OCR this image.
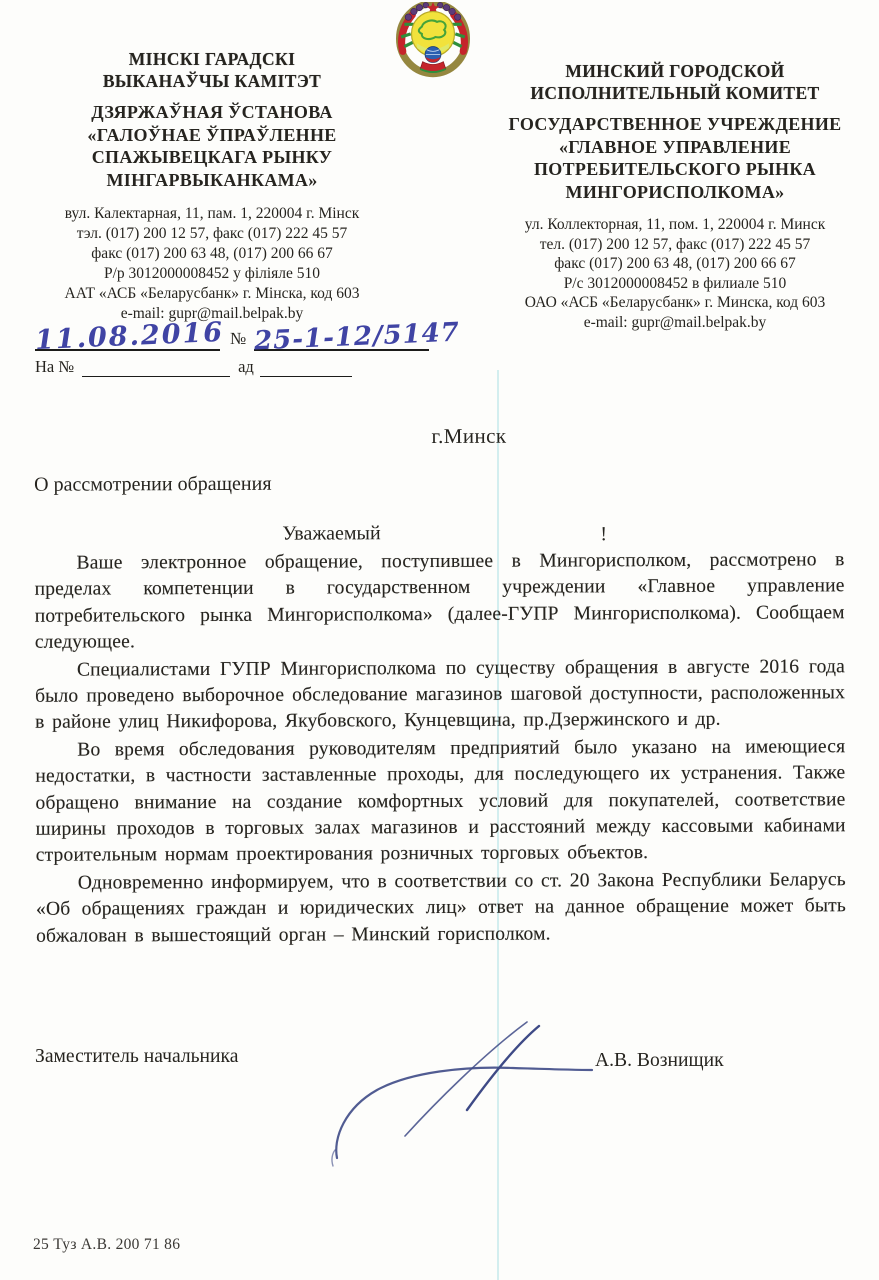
МІНСКІ ГАРАДСКІ
ВЫКАНАЎЧЫ КАМІТЭТ
ДЗЯРЖАЎНАЯ ЎСТАНОВА
«ГАЛОЎНАЕ ЎПРАЎЛЕННЕ
СПАЖЫВЕЦКАГА РЫНКУ
МІНГАРВЫКАНКАМА»
вул. Калектарная, 11, пам. 1, 220004 г. Мінск
тэл. (017) 200 12 57, факс (017) 222 45 57
факс (017) 200 63 48, (017) 200 66 67
Р/р 3012000008452 у філіяле 510
ААТ «АСБ «Беларусбанк» г. Мінска, код 603
e-mail: gupr@mail.belpak.by
МИНСКИЙ ГОРОДСКОЙ
ИСПОЛНИТЕЛЬНЫЙ КОМИТЕТ
ГОСУДАРСТВЕННОЕ УЧРЕЖДЕНИЕ
«ГЛАВНОЕ УПРАВЛЕНИЕ
ПОТРЕБИТЕЛЬСКОГО РЫНКА
МИНГОРИСПОЛКОМА»
ул. Коллекторная, 11, пом. 1, 220004 г. Минск
тел. (017) 200 12 57, факс (017) 222 45 57
факс (017) 200 63 48, (017) 200 66 67
Р/с 3012000008452 в филиале 510
ОАО «АСБ «Беларусбанк» г. Минска, код 603
e-mail: gupr@mail.belpak.by
11.08.2016 № 25-1-12/5147
На №	ад
г.Минск
О рассмотрении обращения
Уважаемый	!

Ваше электронное обращение, поступившее в Мингорисполком, рассмотрено в пределах компетенции в государственном учреждении «Главное управление потребительского рынка Мингорисполкома» (далее-ГУПР Мингорисполкома). Сообщаем следующее.

Специалистами ГУПР Мингорисполкома по существу обращения в августе 2016 года было проведено выборочное обследование магазинов шаговой доступности, расположенных в районе улиц Никифорова, Якубовского, Кунцевщина, пр.Дзержинского и др.

Во время обследования руководителям предприятий было указано на имеющиеся недостатки, в частности заставленные проходы, для последующего их устранения. Также обращено внимание на создание комфортных условий для покупателей, соответствие ширины проходов в торговых залах магазинов и расстояний между кассовыми кабинами строительным нормам проектирования розничных торговых объектов.

Одновременно информируем, что в соответствии со ст. 20 Закона Республики Беларусь «Об обращениях граждан и юридических лиц» ответ на данное обращение может быть обжалован в вышестоящий орган – Минский горисполком.

Заместитель начальника	А.В. Вознищик
25 Туз А.В. 200 71 86
